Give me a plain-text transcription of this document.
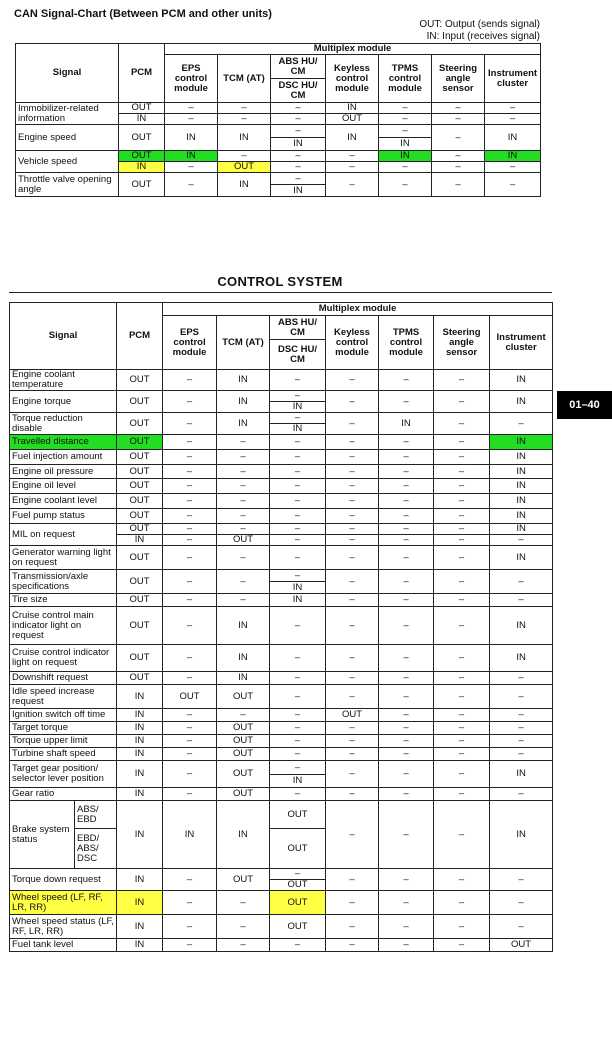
CAN Signal-Chart (Between PCM and other units)
OUT: Output (sends signal)
IN: Input (receives signal)
Signal	PCM	Multiplex module						
		EPS control module	TCM (AT)	ABS HU/ CM	Keyless control module	TPMS control module	Steering angle sensor	Instrument cluster
				DSC HU/ CM				
Immobilizer-related information	OUT	–	–	–	IN	–	–	–
	IN	–	–	–	OUT	–	–	–
Engine speed	OUT	IN	IN	–	IN	–	–	IN
				IN		IN		
Vehicle speed	OUT	IN	–	–	–	IN	–	IN
	IN	–	OUT	–	–	–	–	–
Throttle valve opening angle	OUT	–	IN	–	–	–	–	–
				IN				
CONTROL SYSTEM
01–40
Signal		PCM	Multiplex module						
			EPS control module	TCM (AT)	ABS HU/ CM	Keyless control module	TPMS control module	Steering angle sensor	Instrument cluster
					DSC HU/ CM				
Engine coolant temperature		OUT	–	IN	–	–	–	–	IN
Engine torque		OUT	–	IN	–	–	–	–	IN
					IN				
Torque reduction disable		OUT	–	IN	–	–	IN	–	–
					IN				
Travelled distance		OUT	–	–	–	–	–	–	IN
Fuel injection amount		OUT	–	–	–	–	–	–	IN
Engine oil pressure		OUT	–	–	–	–	–	–	IN
Engine oil level		OUT	–	–	–	–	–	–	IN
Engine coolant level		OUT	–	–	–	–	–	–	IN
Fuel pump status		OUT	–	–	–	–	–	–	IN
MIL on request		OUT	–	–	–	–	–	–	IN
		IN	–	OUT	–	–	–	–	–
Generator warning light on request		OUT	–	–	–	–	–	–	IN
Transmission/axle specifications		OUT	–	–	–	–	–	–	–
					IN				
Tire size		OUT	–	–	IN	–	–	–	–
Cruise control main indicator light on request		OUT	–	IN	–	–	–	–	IN
Cruise control indicator light on request		OUT	–	IN	–	–	–	–	IN
Downshift request		OUT	–	IN	–	–	–	–	–
Idle speed increase request		IN	OUT	OUT	–	–	–	–	–
Ignition switch off time		IN	–	–	–	OUT	–	–	–
Target torque		IN	–	OUT	–	–	–	–	–
Torque upper limit		IN	–	OUT	–	–	–	–	–
Turbine shaft speed		IN	–	OUT	–	–	–	–	–
Target gear position/ selector lever position		IN	–	OUT	–	–	–	–	IN
					IN				
Gear ratio		IN	–	OUT	–	–	–	–	–
Brake system status	ABS/ EBD	IN	IN	IN	OUT	–	–	–	IN
	EBD/ ABS/ DSC				OUT				
Torque down request		IN	–	OUT	–	–	–	–	–
					OUT				
Wheel speed (LF, RF, LR, RR)		IN	–	–	OUT	–	–	–	–
Wheel speed status (LF, RF, LR, RR)		IN	–	–	OUT	–	–	–	–
Fuel tank level		IN	–	–	–	–	–	–	OUT
